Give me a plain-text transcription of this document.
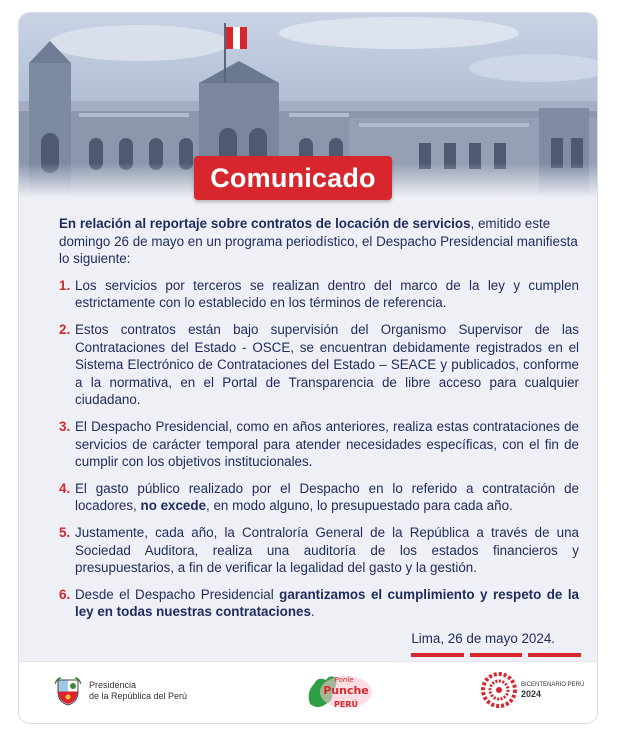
Comunicado

En relación al reportaje sobre contratos de locación de servicios, emitido este domingo 26 de mayo en un programa periodístico, el Despacho Presidencial manifiesta lo siguiente:

1. Los servicios por terceros se realizan dentro del marco de la ley y cumplen estrictamente con lo establecido en los términos de referencia.
2. Estos contratos están bajo supervisión del Organismo Supervisor de las Contrataciones del Estado - OSCE, se encuentran debidamente registrados en el Sistema Electrónico de Contrataciones del Estado – SEACE y publicados, conforme a la normativa, en el Portal de Transparencia de libre acceso para cualquier ciudadano.
3. El Despacho Presidencial, como en años anteriores, realiza estas contrataciones de servicios de carácter temporal para atender necesidades específicas, con el fin de cumplir con los objetivos institucionales.
4. El gasto público realizado por el Despacho en lo referido a contratación de locadores, no excede, en modo alguno, lo presupuestado para cada año.
5. Justamente, cada año, la Contraloría General de la República a través de una Sociedad Auditora, realiza una auditoría de los estados financieros y presupuestarios, a fin de verificar la legalidad del gasto y la gestión.
6. Desde el Despacho Presidencial garantizamos el cumplimiento y respeto de la ley en todas nuestras contrataciones.
Lima, 26 de mayo 2024.
Presidencia
de la República del Perú
Ponle
Punche
PERÚ
BICENTENARIO PERÚ
2024
